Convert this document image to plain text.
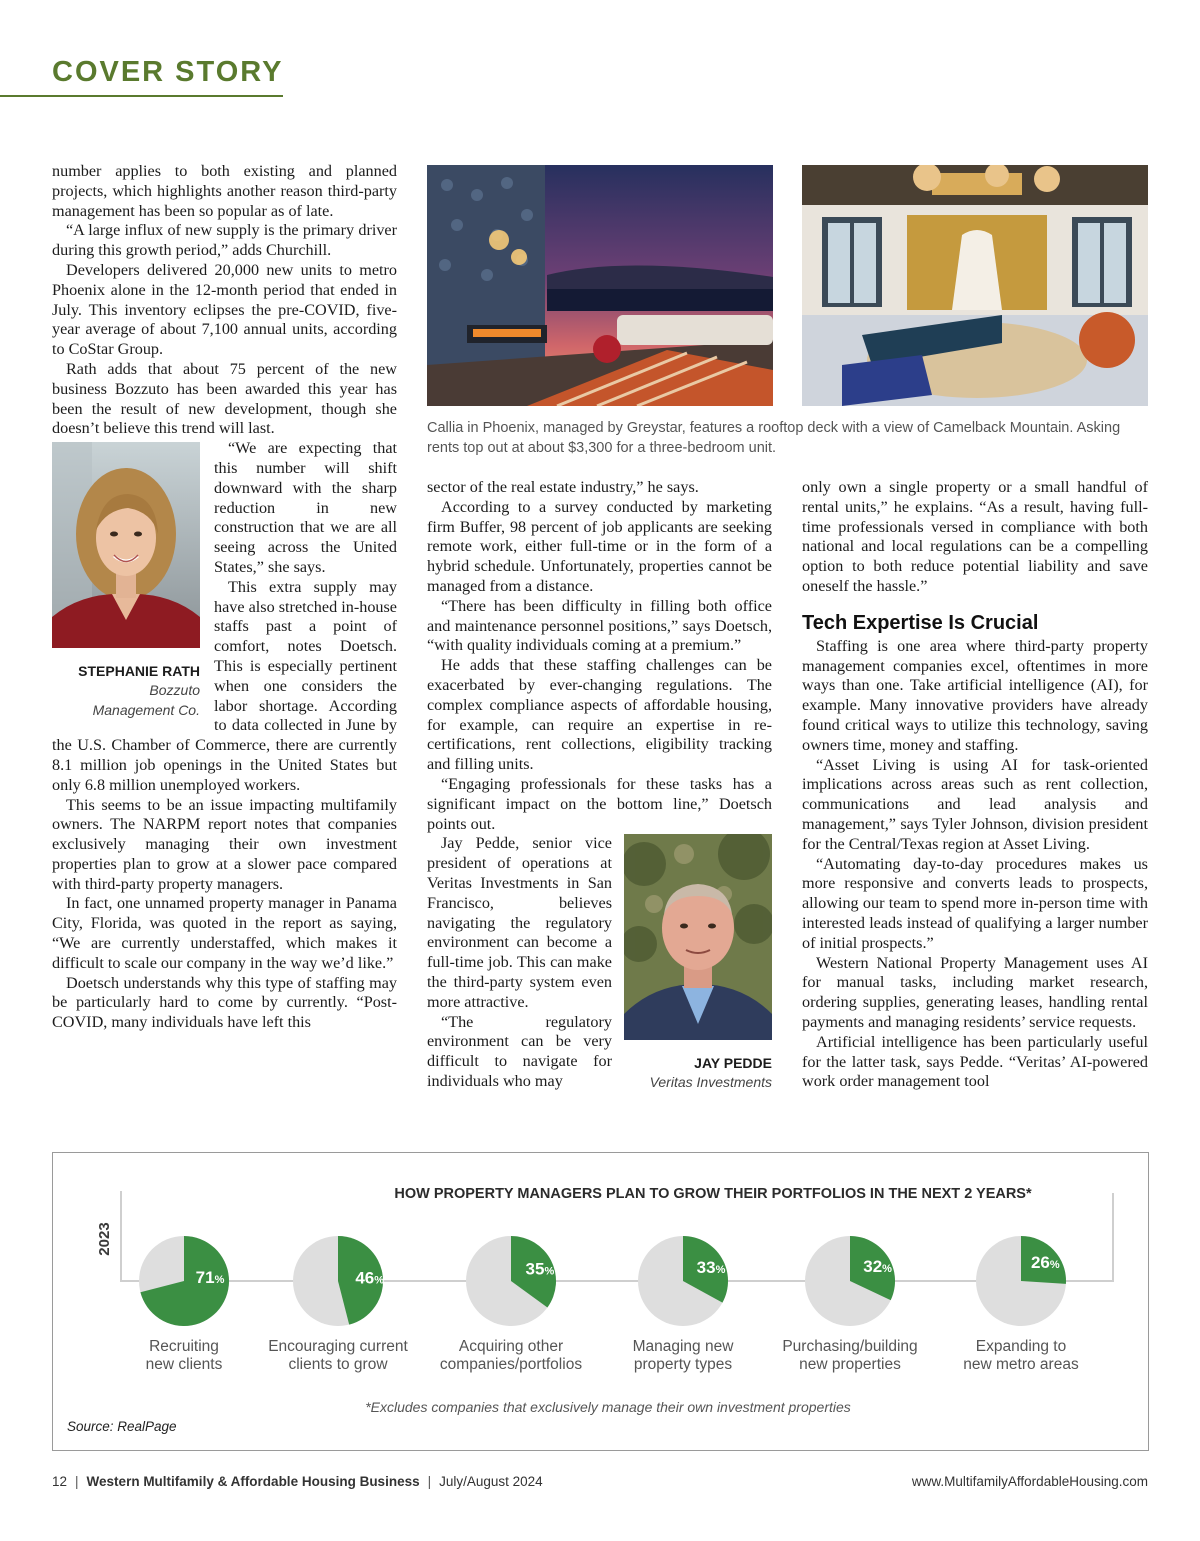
COVER STORY

number applies to both existing and planned projects, which highlights another reason third-party management has been so popular as of late.

“A large influx of new supply is the primary driver during this growth period,” adds Churchill.

Developers delivered 20,000 new units to metro Phoenix alone in the 12-month period that ended in July. This inventory eclipses the pre-COVID, five-year average of about 7,100 annual units, according to CoStar Group.

Rath adds that about 75 percent of the new business Bozzuto has been awarded this year has been the result of new development, though she doesn’t believe this trend will last.

STEPHANIE RATH
Bozzuto
Management Co.

“We are expecting that this number will shift downward with the sharp reduction in new construction that we are all seeing across the United States,” she says.

This extra supply may have also stretched in-house staffs past a point of comfort, notes Doetsch. This is especially pertinent when one considers the labor shortage. According to data collected in June by the U.S. Chamber of Commerce, there are currently 8.1 million job openings in the United States but only 6.8 million unemployed workers.

This seems to be an issue impacting multifamily owners. The NARPM report notes that companies exclusively managing their own investment properties plan to grow at a slower pace compared with third-party property managers.

In fact, one unnamed property manager in Panama City, Florida, was quoted in the report as saying, “We are currently understaffed, which makes it difficult to scale our company in the way we’d like.”

Doetsch understands why this type of staffing may be particularly hard to come by currently. “Post-COVID, many individuals have left this

Callia in Phoenix, managed by Greystar, features a rooftop deck with a view of Camelback Mountain. Asking rents top out at about $3,300 for a three-bedroom unit.

sector of the real estate industry,” he says.

According to a survey conducted by marketing firm Buffer, 98 percent of job applicants are seeking remote work, either full-time or in the form of a hybrid schedule. Unfortunately, properties cannot be managed from a distance.

“There has been difficulty in filling both office and maintenance personnel positions,” says Doetsch, “with quality individuals coming at a premium.”

He adds that these staffing challenges can be exacerbated by ever-changing regulations. The complex compliance aspects of affordable housing, for example, can require an expertise in re-certifications, rent collections, eligibility tracking and filling units.

“Engaging professionals for these tasks has a significant impact on the bottom line,” Doetsch points out.

JAY PEDDE
Veritas Investments

Jay Pedde, senior vice president of operations at Veritas Investments in San Francisco, believes navigating the regulatory environment can become a full-time job. This can make the third-party system even more attractive.

“The regulatory environment can be very difficult to navigate for individuals who may

only own a single property or a small handful of rental units,” he explains. “As a result, having full-time professionals versed in compliance with both national and local regulations can be a compelling option to both reduce potential liability and save oneself the hassle.”

Tech Expertise Is Crucial

Staffing is one area where third-party property management companies excel, oftentimes in more ways than one. Take artificial intelligence (AI), for example. Many innovative providers have already found critical ways to utilize this technology, saving owners time, money and staffing.

“Asset Living is using AI for task-oriented implications across areas such as rent collection, communications and lead analysis and management,” says Tyler Johnson, division president for the Central/Texas region at Asset Living.

“Automating day-to-day procedures makes us more responsive and converts leads to prospects, allowing our team to spend more in-person time with interested leads instead of qualifying a larger number of initial prospects.”

Western National Property Management uses AI for manual tasks, including market research, ordering supplies, generating leases, handling rental payments and managing residents’ service requests.

Artificial intelligence has been particularly useful for the latter task, says Pedde. “Veritas’ AI-powered work order management tool

HOW PROPERTY MANAGERS PLAN TO GROW THEIR PORTFOLIOS IN THE NEXT 2 YEARS*
2023
71%
Recruiting
new clients
46%
Encouraging current
clients to grow
35%
Acquiring other
companies/portfolios
33%
Managing new
property types
32%
Purchasing/building
new properties
26%
Expanding to
new metro areas
*Excludes companies that exclusively manage their own investment properties
Source: RealPage
12 | Western Multifamily & Affordable Housing Business | July/August 2024	www.MultifamilyAffordableHousing.com
